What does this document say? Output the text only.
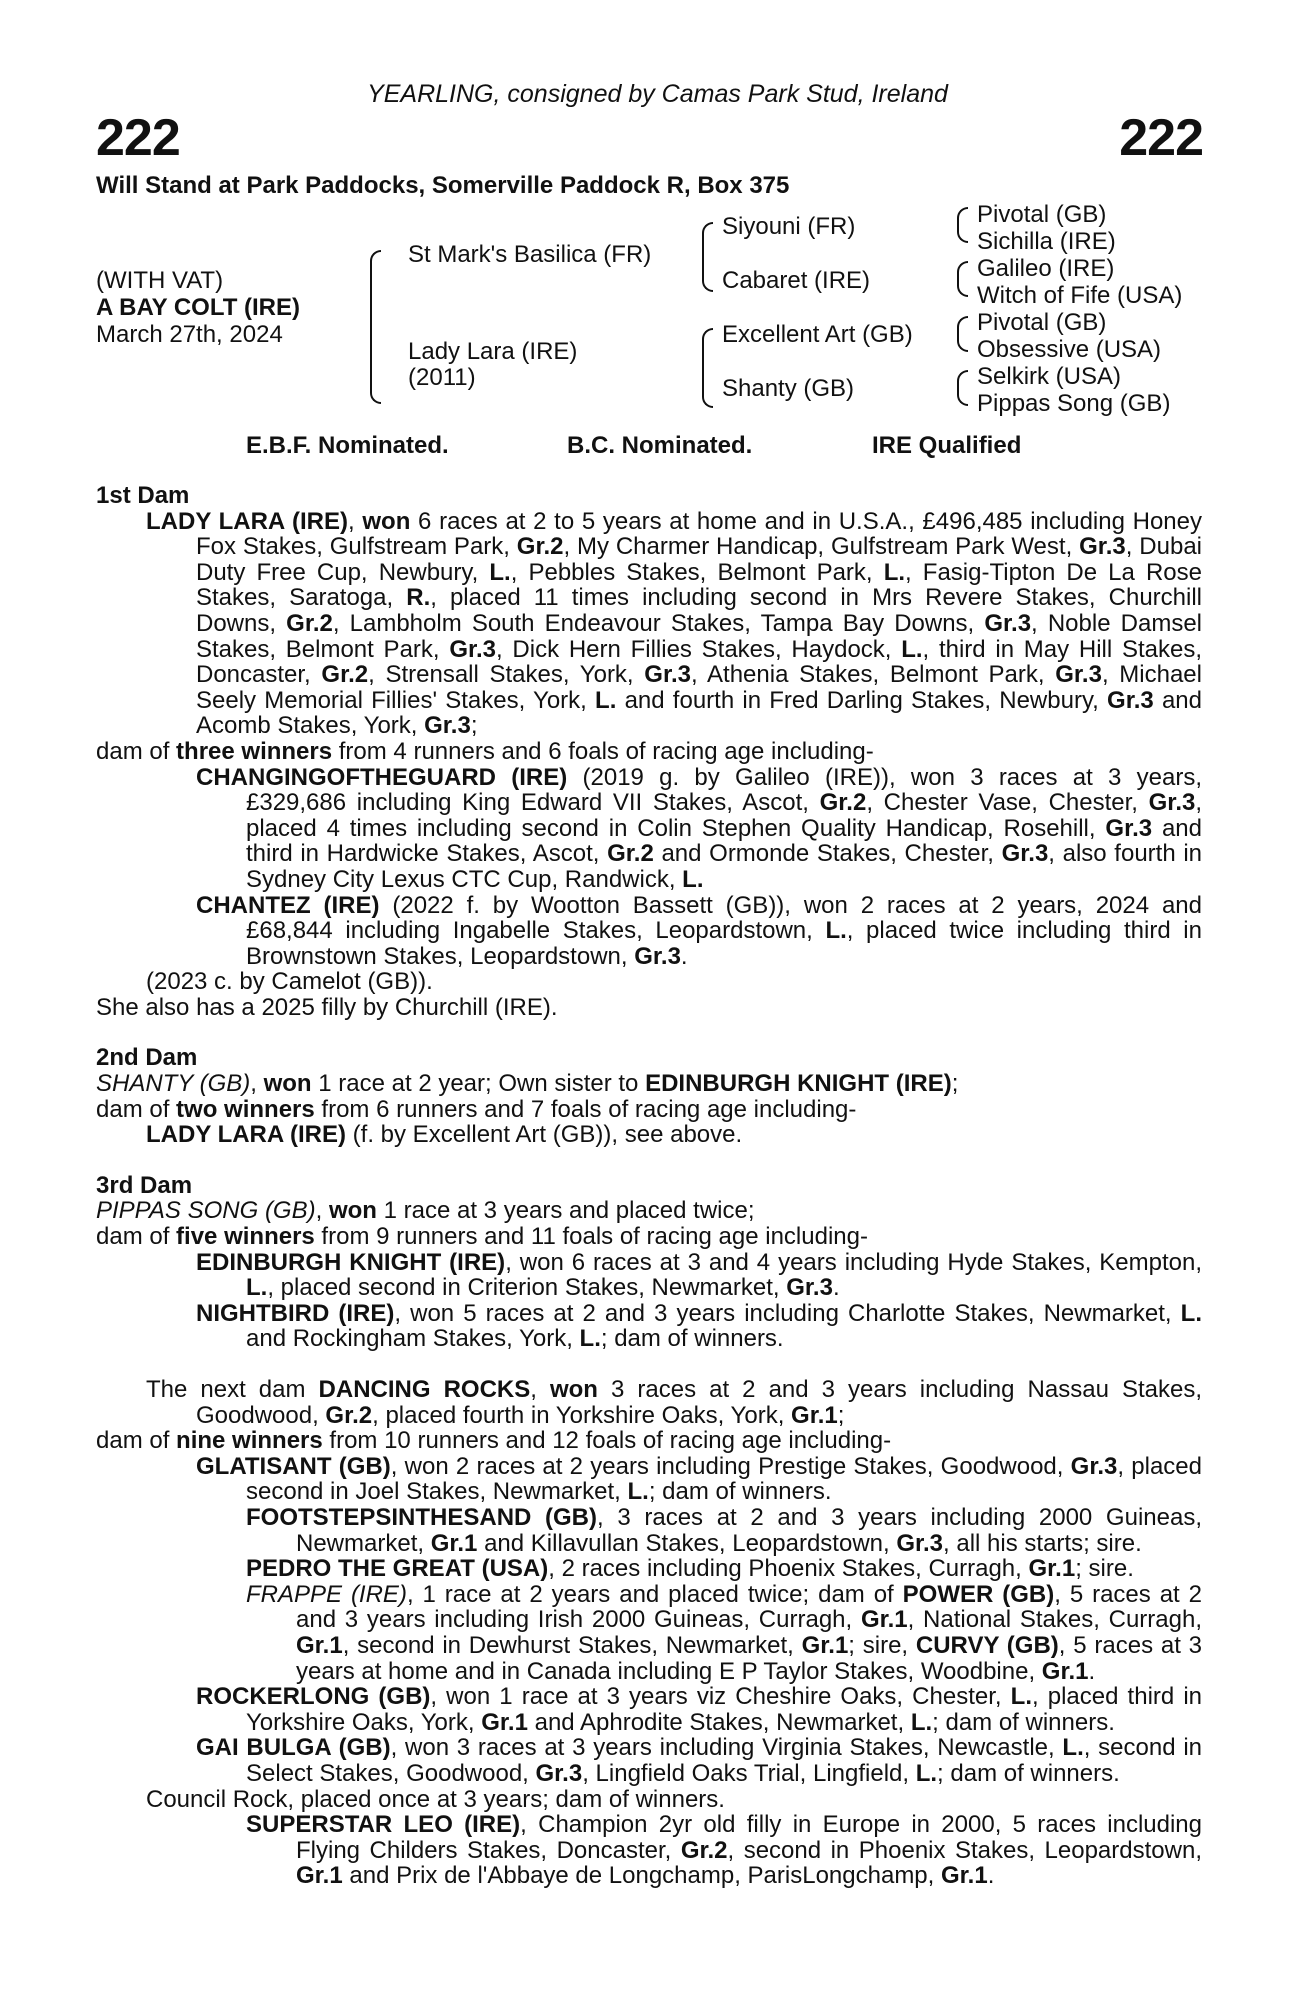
222	222
YEARLING, consigned by Camas Park Stud, Ireland
Will Stand at Park Paddocks, Somerville Paddock R, Box 375
(WITH VAT)
A BAY COLT (IRE)
March 27th, 2024
St Mark's Basilica (FR)
Lady Lara (IRE)
(2011)
Siyouni (FR)
Cabaret (IRE)
Excellent Art (GB)
Shanty (GB)
Pivotal (GB)
Sichilla (IRE)
Galileo (IRE)
Witch of Fife (USA)
Pivotal (GB)
Obsessive (USA)
Selkirk (USA)
Pippas Song (GB)
E.B.F. Nominated.	B.C. Nominated.	IRE Qualified

1st Dam

LADY LARA (IRE), won 6 races at 2 to 5 years at home and in U.S.A., £496,485 including Honey Fox Stakes, Gulfstream Park, Gr.2, My Charmer Handicap, Gulfstream Park West, Gr.3, Dubai Duty Free Cup, Newbury, L., Pebbles Stakes, Belmont Park, L., Fasig-Tipton De La Rose Stakes, Saratoga, R., placed 11 times including second in Mrs Revere Stakes, Churchill Downs, Gr.2, Lambholm South Endeavour Stakes, Tampa Bay Downs, Gr.3, Noble Damsel Stakes, Belmont Park, Gr.3, Dick Hern Fillies Stakes, Haydock, L., third in May Hill Stakes, Doncaster, Gr.2, Strensall Stakes, York, Gr.3, Athenia Stakes, Belmont Park, Gr.3, Michael Seely Memorial Fillies' Stakes, York, L. and fourth in Fred Darling Stakes, Newbury, Gr.3 and Acomb Stakes, York, Gr.3;

dam of three winners from 4 runners and 6 foals of racing age including-

CHANGINGOFTHEGUARD (IRE) (2019 g. by Galileo (IRE)), won 3 races at 3 years, £329,686 including King Edward VII Stakes, Ascot, Gr.2, Chester Vase, Chester, Gr.3, placed 4 times including second in Colin Stephen Quality Handicap, Rosehill, Gr.3 and third in Hardwicke Stakes, Ascot, Gr.2 and Ormonde Stakes, Chester, Gr.3, also fourth in Sydney City Lexus CTC Cup, Randwick, L.
CHANTEZ (IRE) (2022 f. by Wootton Bassett (GB)), won 2 races at 2 years, 2024 and £68,844 including Ingabelle Stakes, Leopardstown, L., placed twice including third in Brownstown Stakes, Leopardstown, Gr.3.

(2023 c. by Camelot (GB)).

She also has a 2025 filly by Churchill (IRE).

2nd Dam

SHANTY (GB), won 1 race at 2 year; Own sister to EDINBURGH KNIGHT (IRE);

dam of two winners from 6 runners and 7 foals of racing age including-

LADY LARA (IRE) (f. by Excellent Art (GB)), see above.

3rd Dam

PIPPAS SONG (GB), won 1 race at 3 years and placed twice;

dam of five winners from 9 runners and 11 foals of racing age including-

EDINBURGH KNIGHT (IRE), won 6 races at 3 and 4 years including Hyde Stakes, Kempton, L., placed second in Criterion Stakes, Newmarket, Gr.3.
NIGHTBIRD (IRE), won 5 races at 2 and 3 years including Charlotte Stakes, Newmarket, L. and Rockingham Stakes, York, L.; dam of winners.
The next dam DANCING ROCKS, won 3 races at 2 and 3 years including Nassau Stakes, Goodwood, Gr.2, placed fourth in Yorkshire Oaks, York, Gr.1;

dam of nine winners from 10 runners and 12 foals of racing age including-

GLATISANT (GB), won 2 races at 2 years including Prestige Stakes, Goodwood, Gr.3, placed second in Joel Stakes, Newmarket, L.; dam of winners.
FOOTSTEPSINTHESAND (GB), 3 races at 2 and 3 years including 2000 Guineas, Newmarket, Gr.1 and Killavullan Stakes, Leopardstown, Gr.3, all his starts; sire.
PEDRO THE GREAT (USA), 2 races including Phoenix Stakes, Curragh, Gr.1; sire.
FRAPPE (IRE), 1 race at 2 years and placed twice; dam of POWER (GB), 5 races at 2 and 3 years including Irish 2000 Guineas, Curragh, Gr.1, National Stakes, Curragh, Gr.1, second in Dewhurst Stakes, Newmarket, Gr.1; sire, CURVY (GB), 5 races at 3 years at home and in Canada including E P Taylor Stakes, Woodbine, Gr.1.
ROCKERLONG (GB), won 1 race at 3 years viz Cheshire Oaks, Chester, L., placed third in Yorkshire Oaks, York, Gr.1 and Aphrodite Stakes, Newmarket, L.; dam of winners.
GAI BULGA (GB), won 3 races at 3 years including Virginia Stakes, Newcastle, L., second in Select Stakes, Goodwood, Gr.3, Lingfield Oaks Trial, Lingfield, L.; dam of winners.

Council Rock, placed once at 3 years; dam of winners.

SUPERSTAR LEO (IRE), Champion 2yr old filly in Europe in 2000, 5 races including Flying Childers Stakes, Doncaster, Gr.2, second in Phoenix Stakes, Leopardstown, Gr.1 and Prix de l'Abbaye de Longchamp, ParisLongchamp, Gr.1.
